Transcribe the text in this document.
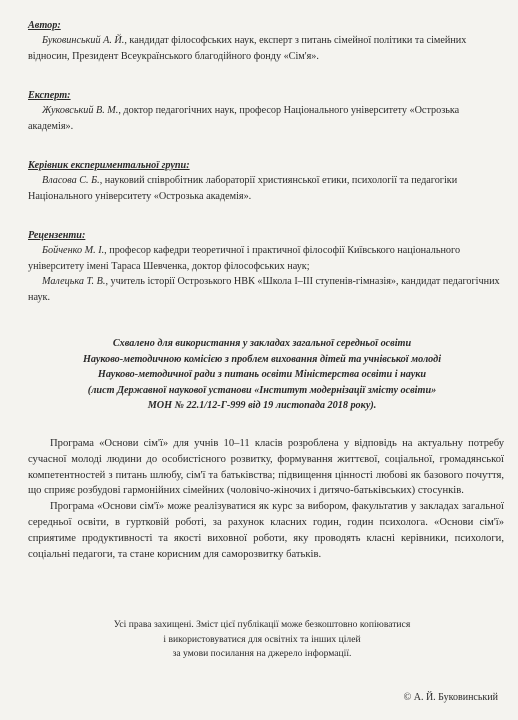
Автор:
Буковинський А. Й., кандидат філософських наук, експерт з питань сімейної політики та сімейних відносин, Президент Всеукраїнського благодійного фонду «Сім'я».
Експерт:
Жуковський В. М., доктор педагогічних наук, професор Національного університету «Острозька академія».
Керівник експериментальної групи:
Власова С. Б., науковий співробітник лабораторії християнської етики, психології та педагогіки Національного університету «Острозька академія».
Рецензенти:
Бойченко М. І., професор кафедри теоретичної і практичної філософії Київського національного університету імені Тараса Шевченка, доктор філософських наук;
Малецька Т. В., учитель історії Острозького НВК «Школа І–ІІІ ступенів-гімназія», кандидат педагогічних наук.
Схвалено для використання у закладах загальної середньої освіти
Науково-методичною комісією з проблем виховання дітей та учнівської молоді
Науково-методичної ради з питань освіти Міністерства освіти і науки
(лист Державної наукової установи «Інститут модернізації змісту освіти»
МОН № 22.1/12-Г-999 від 19 листопада 2018 року).

Програма «Основи сім'ї» для учнів 10–11 класів розроблена у відповідь на актуальну потребу сучасної молоді людини до особистісного розвитку, формування життєвої, соціальної, громадянської компетентностей з питань шлюбу, сім'ї та батьківства; підвищення цінності любові як базового почуття, що сприяє розбудові гармонійних сімейних (чоловічо-жіночих і дитячо-батьківських) стосунків.

Програма «Основи сім'ї» може реалізуватися як курс за вибором, факультатив у закладах загальної середньої освіти, в гуртковій роботі, за рахунок класних годин, годин психолога. «Основи сім'ї» сприятиме продуктивності та якості виховної роботи, яку проводять класні керівники, психологи, соціальні педагоги, та стане корисним для саморозвитку батьків.

Усі права захищені. Зміст цієї публікації може безкоштовно копіюватися
і використовуватися для освітніх та інших цілей
за умови посилання на джерело інформації.
© А. Й. Буковинський
